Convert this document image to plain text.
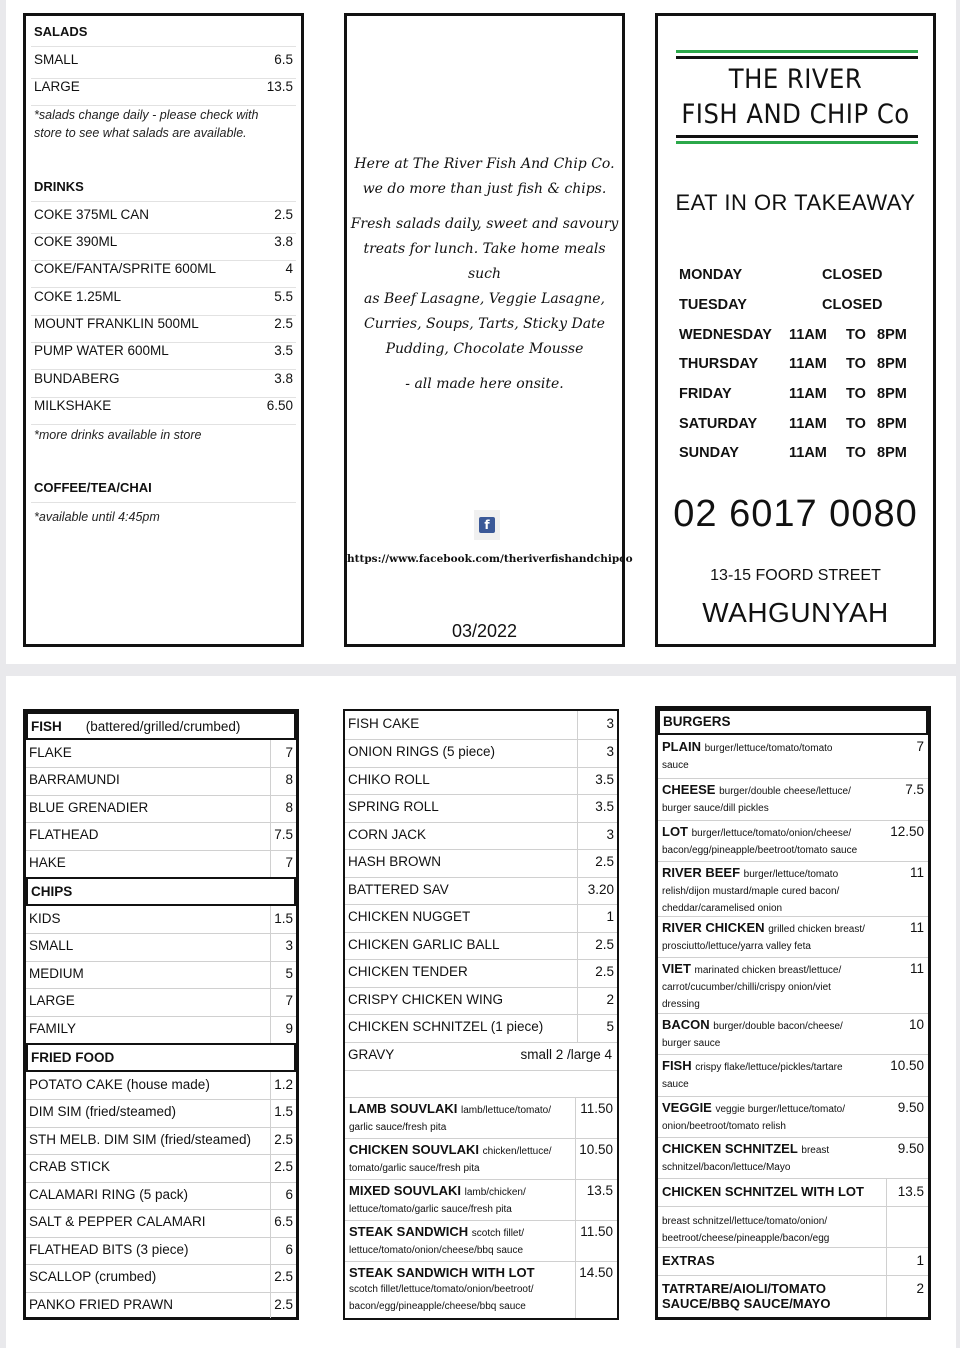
SALADS
SMALL	6.5
LARGE	13.5
*salads change daily - please check with
store to see what salads are available.
DRINKS
COKE 375ML CAN	2.5
COKE 390ML	3.8
COKE/FANTA/SPRITE 600ML	4
COKE 1.25ML	5.5
MOUNT FRANKLIN 500ML	2.5
PUMP WATER 600ML	3.5
BUNDABERG	3.8
MILKSHAKE	6.50
*more drinks available in store
COFFEE/TEA/CHAI
*available until 4:45pm
Here at The River Fish And Chip Co.
we do more than just fish & chips.
Fresh salads daily, sweet and savoury
treats for lunch. Take home meals such
as Beef Lasagne, Veggie Lasagne,
Curries, Soups, Tarts, Sticky Date
Pudding, Chocolate Mousse
- all made here onsite.
f
https://www.facebook.com/theriverfishandchipco
03/2022
THE RIVER
FISH AND CHIP Co
EAT IN OR TAKEAWAY
MONDAY	CLOSED
TUESDAY	CLOSED
WEDNESDAY 11AM TO 8PM
THURSDAY 11AM TO 8PM
FRIDAY	11AM TO 8PM
SATURDAY 11AM TO 8PM
SUNDAY	11AM TO 8PM
02 6017 0080
13-15 FOORD STREET
WAHGUNYAH
FISH (battered/grilled/crumbed)
FLAKE	7
BARRAMUNDI	8
BLUE GRENADIER	8
FLATHEAD	7.5
HAKE	7
CHIPS
KIDS	1.5
SMALL	3
MEDIUM	5
LARGE	7
FAMILY	9
FRIED FOOD
POTATO CAKE (house made)	1.2
DIM SIM (fried/steamed)	1.5
STH MELB. DIM SIM (fried/steamed)	2.5
CRAB STICK	2.5
CALAMARI RING (5 pack)	6
SALT & PEPPER CALAMARI	6.5
FLATHEAD BITS (3 piece)	6
SCALLOP (crumbed)	2.5
PANKO FRIED PRAWN	2.5
FISH CAKE	3
ONION RINGS (5 piece)	3
CHIKO ROLL	3.5
SPRING ROLL	3.5
CORN JACK	3
HASH BROWN	2.5
BATTERED SAV	3.20
CHICKEN NUGGET	1
CHICKEN GARLIC BALL	2.5
CHICKEN TENDER	2.5
CRISPY CHICKEN WING	2
CHICKEN SCHNITZEL (1 piece)	5
GRAVY	small 2 /large 4
LAMB SOUVLAKI lamb/lettuce/tomato/
garlic sauce/fresh pita
11.50
CHICKEN SOUVLAKI chicken/lettuce/
tomato/garlic sauce/fresh pita
10.50
MIXED SOUVLAKI lamb/chicken/
lettuce/tomato/garlic sauce/fresh pita
13.5
STEAK SANDWICH scotch fillet/
lettuce/tomato/onion/cheese/bbq sauce
11.50
STEAK SANDWICH WITH LOT
scotch fillet/lettuce/tomato/onion/beetroot/
bacon/egg/pineapple/cheese/bbq sauce
14.50
BURGERS
PLAIN burger/lettuce/tomato/tomato
sauce
7
CHEESE burger/double cheese/lettuce/
burger sauce/dill pickles
7.5
LOT burger/lettuce/tomato/onion/cheese/
bacon/egg/pineapple/beetroot/tomato sauce
12.50
RIVER BEEF burger/lettuce/tomato
relish/dijon mustard/maple cured bacon/
cheddar/caramelised onion
11
RIVER CHICKEN grilled chicken breast/
prosciutto/lettuce/yarra valley feta
11
VIET marinated chicken breast/lettuce/
carrot/cucumber/chilli/crispy onion/viet
dressing
11
BACON burger/double bacon/cheese/
burger sauce
10
FISH crispy flake/lettuce/pickles/tartare
sauce
10.50
VEGGIE veggie burger/lettuce/tomato/
onion/beetroot/tomato relish
9.50
CHICKEN SCHNITZEL breast
schnitzel/bacon/lettuce/Mayo
9.50
CHICKEN SCHNITZEL WITH LOT	13.5
breast schnitzel/lettuce/tomato/onion/
beetroot/cheese/pineapple/bacon/egg
EXTRAS	1
TATRTARE/AIOLI/TOMATO
SAUCE/BBQ SAUCE/MAYO
2
